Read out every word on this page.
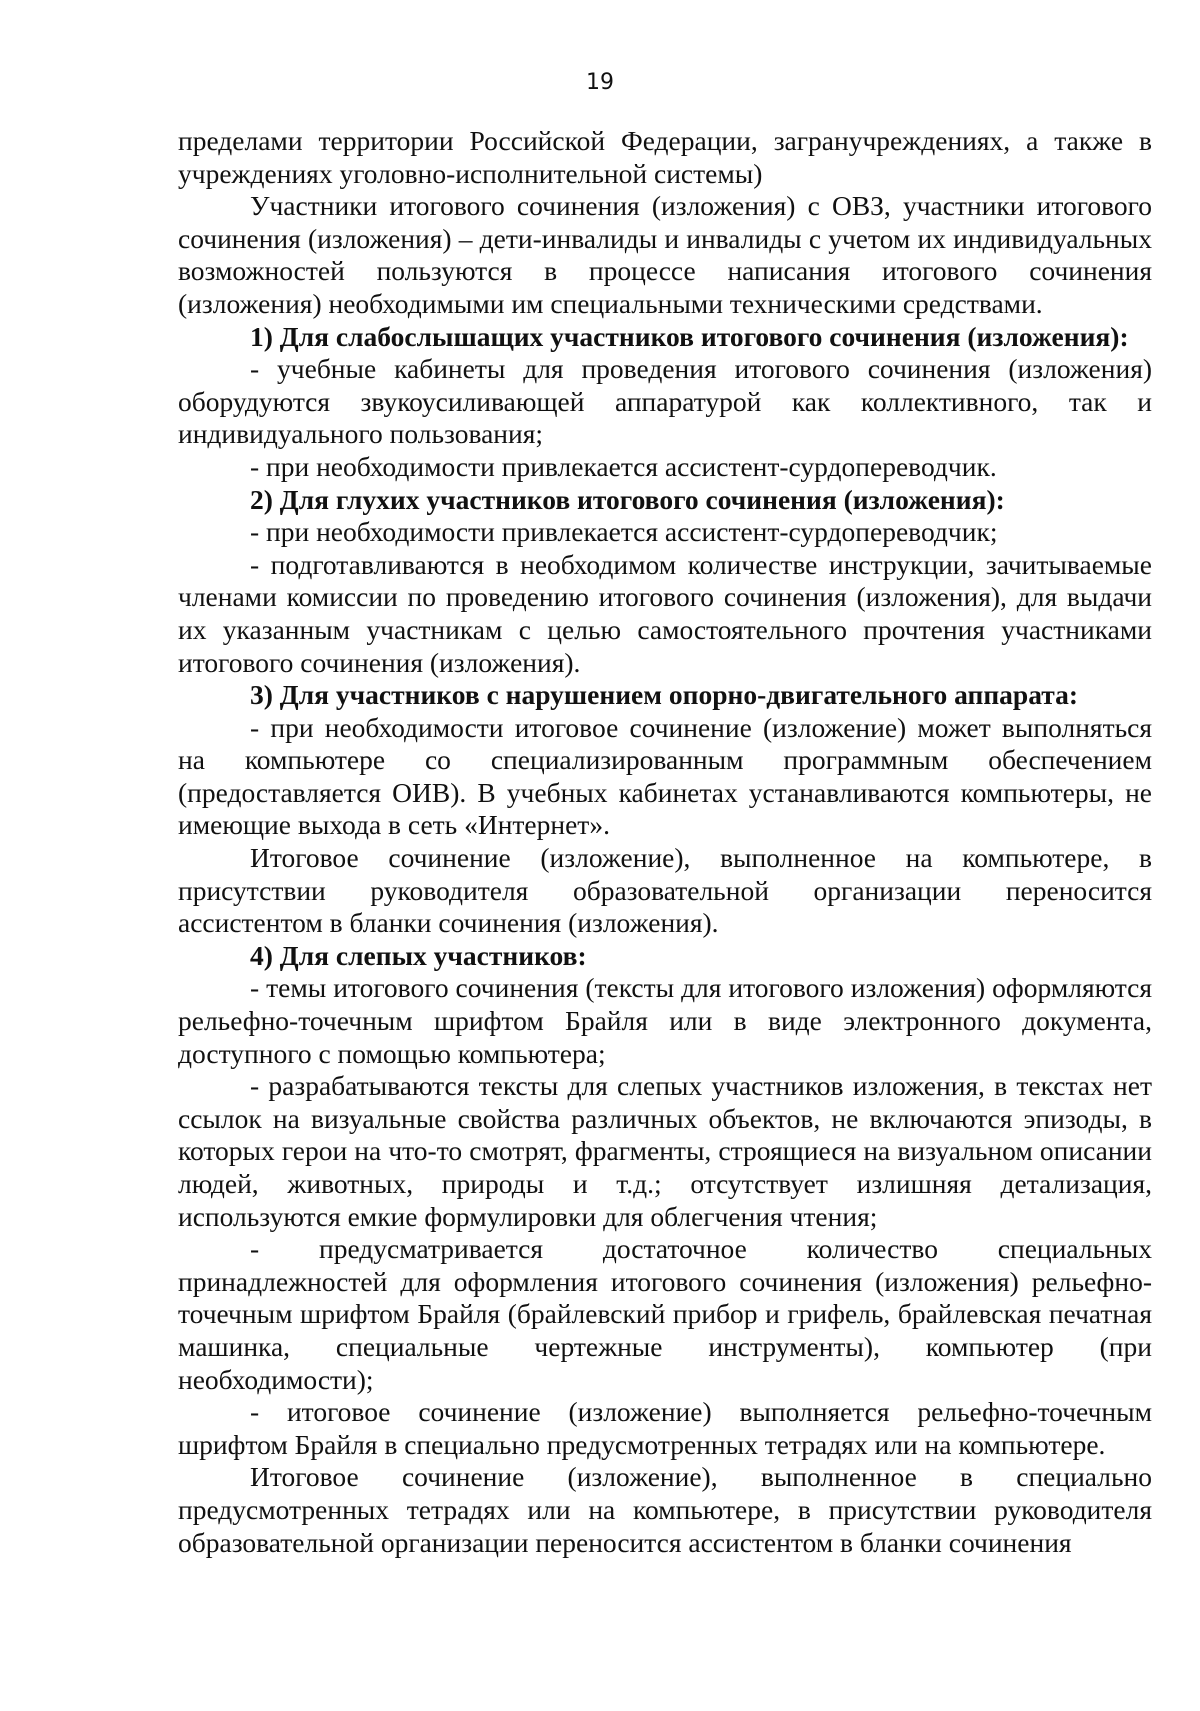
19

пределами территории Российской Федерации, загранучреждениях, а также в учреждениях уголовно-исполнительной системы)

Участники итогового сочинения (изложения) с ОВЗ, участники итогового сочинения (изложения) – дети-инвалиды и инвалиды с учетом их индивидуальных возможностей пользуются в процессе написания итогового сочинения (изложения) необходимыми им специальными техническими средствами.

1) Для слабослышащих участников итогового сочинения (изложения):

- учебные кабинеты для проведения итогового сочинения (изложения) оборудуются звукоусиливающей аппаратурой как коллективного, так и индивидуального пользования;

- при необходимости привлекается ассистент-сурдопереводчик.

2) Для глухих участников итогового сочинения (изложения):

- при необходимости привлекается ассистент-сурдопереводчик;

- подготавливаются в необходимом количестве инструкции, зачитываемые членами комиссии по проведению итогового сочинения (изложения), для выдачи их указанным участникам с целью самостоятельного прочтения участниками итогового сочинения (изложения).

3) Для участников с нарушением опорно-двигательного аппарата:

- при необходимости итоговое сочинение (изложение) может выполняться на компьютере со специализированным программным обеспечением (предоставляется ОИВ). В учебных кабинетах устанавливаются компьютеры, не имеющие выхода в сеть «Интернет».

Итоговое сочинение (изложение), выполненное на компьютере, в присутствии руководителя образовательной организации переносится ассистентом в бланки сочинения (изложения).

4) Для слепых участников:

- темы итогового сочинения (тексты для итогового изложения) оформляются рельефно-точечным шрифтом Брайля или в виде электронного документа, доступного с помощью компьютера;

- разрабатываются тексты для слепых участников изложения, в текстах нет ссылок на визуальные свойства различных объектов, не включаются эпизоды, в которых герои на что-то смотрят, фрагменты, строящиеся на визуальном описании людей, животных, природы и т.д.; отсутствует излишняя детализация, используются емкие формулировки для облегчения чтения;

- предусматривается достаточное количество специальных принадлежностей для оформления итогового сочинения (изложения) рельефно-точечным шрифтом Брайля (брайлевский прибор и грифель, брайлевская печатная машинка, специальные чертежные инструменты), компьютер (при необходимости);

- итоговое сочинение (изложение) выполняется рельефно-точечным шрифтом Брайля в специально предусмотренных тетрадях или на компьютере.

Итоговое сочинение (изложение), выполненное в специально предусмотренных тетрадях или на компьютере, в присутствии руководителя образовательной организации переносится ассистентом в бланки сочинения
